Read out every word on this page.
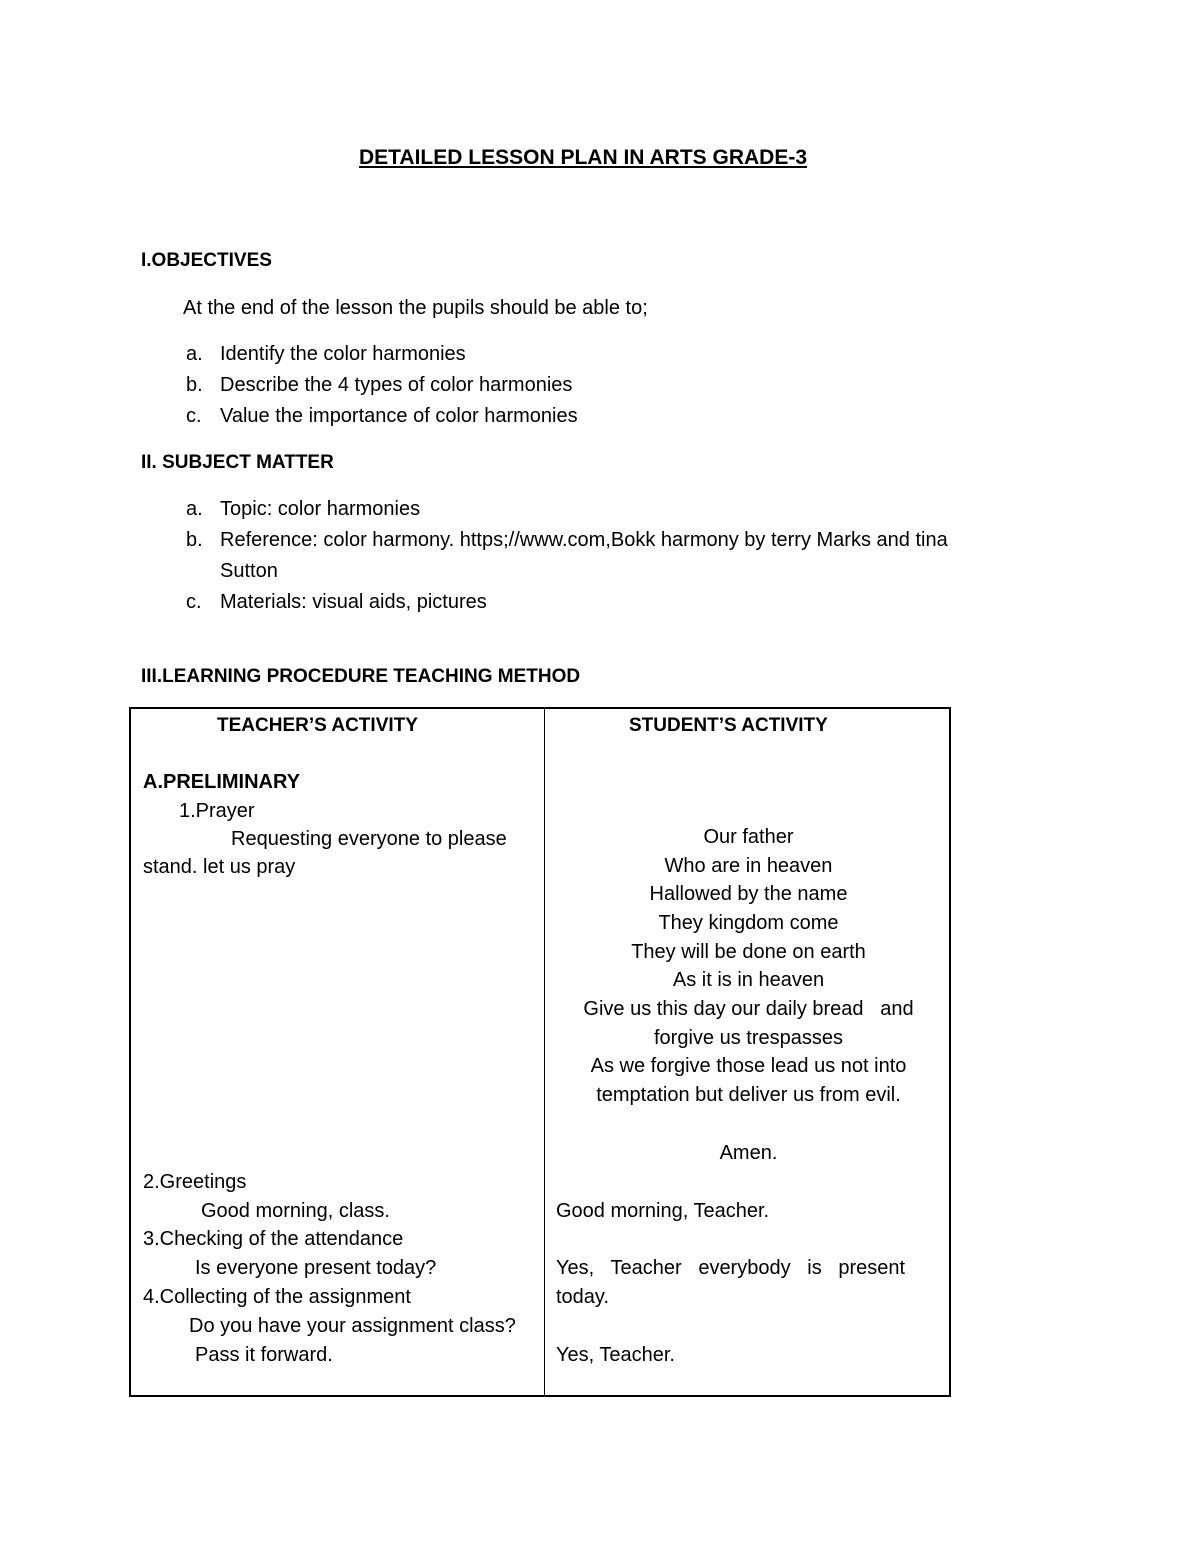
DETAILED LESSON PLAN IN ARTS GRADE-3
I.OBJECTIVES
At the end of the lesson the pupils should be able to;
a. Identify the color harmonies
b. Describe the 4 types of color harmonies
c. Value the importance of color harmonies
II. SUBJECT MATTER
a. Topic: color harmonies
b. Reference: color harmony. https;//www.com,Bokk harmony by terry Marks and tina
Sutton
c. Materials: visual aids, pictures
III.LEARNING PROCEDURE TEACHING METHOD
TEACHER’S ACTIVITY	STUDENT’S ACTIVITY
A.PRELIMINARY
1.Prayer
Requesting everyone to please
stand. let us pray
2.Greetings
Good morning, class.
3.Checking of the attendance
Is everyone present today?
4.Collecting of the assignment
Do you have your assignment class?
Pass it forward.
Our father
Who are in heaven
Hallowed by the name
They kingdom come
They will be done on earth
As it is in heaven
Give us this day our daily bread   and
forgive us trespasses
As we forgive those lead us not into
temptation but deliver us from evil.
Amen.
Good morning, Teacher.
Yes,   Teacher   everybody   is   present
today.
Yes, Teacher.
